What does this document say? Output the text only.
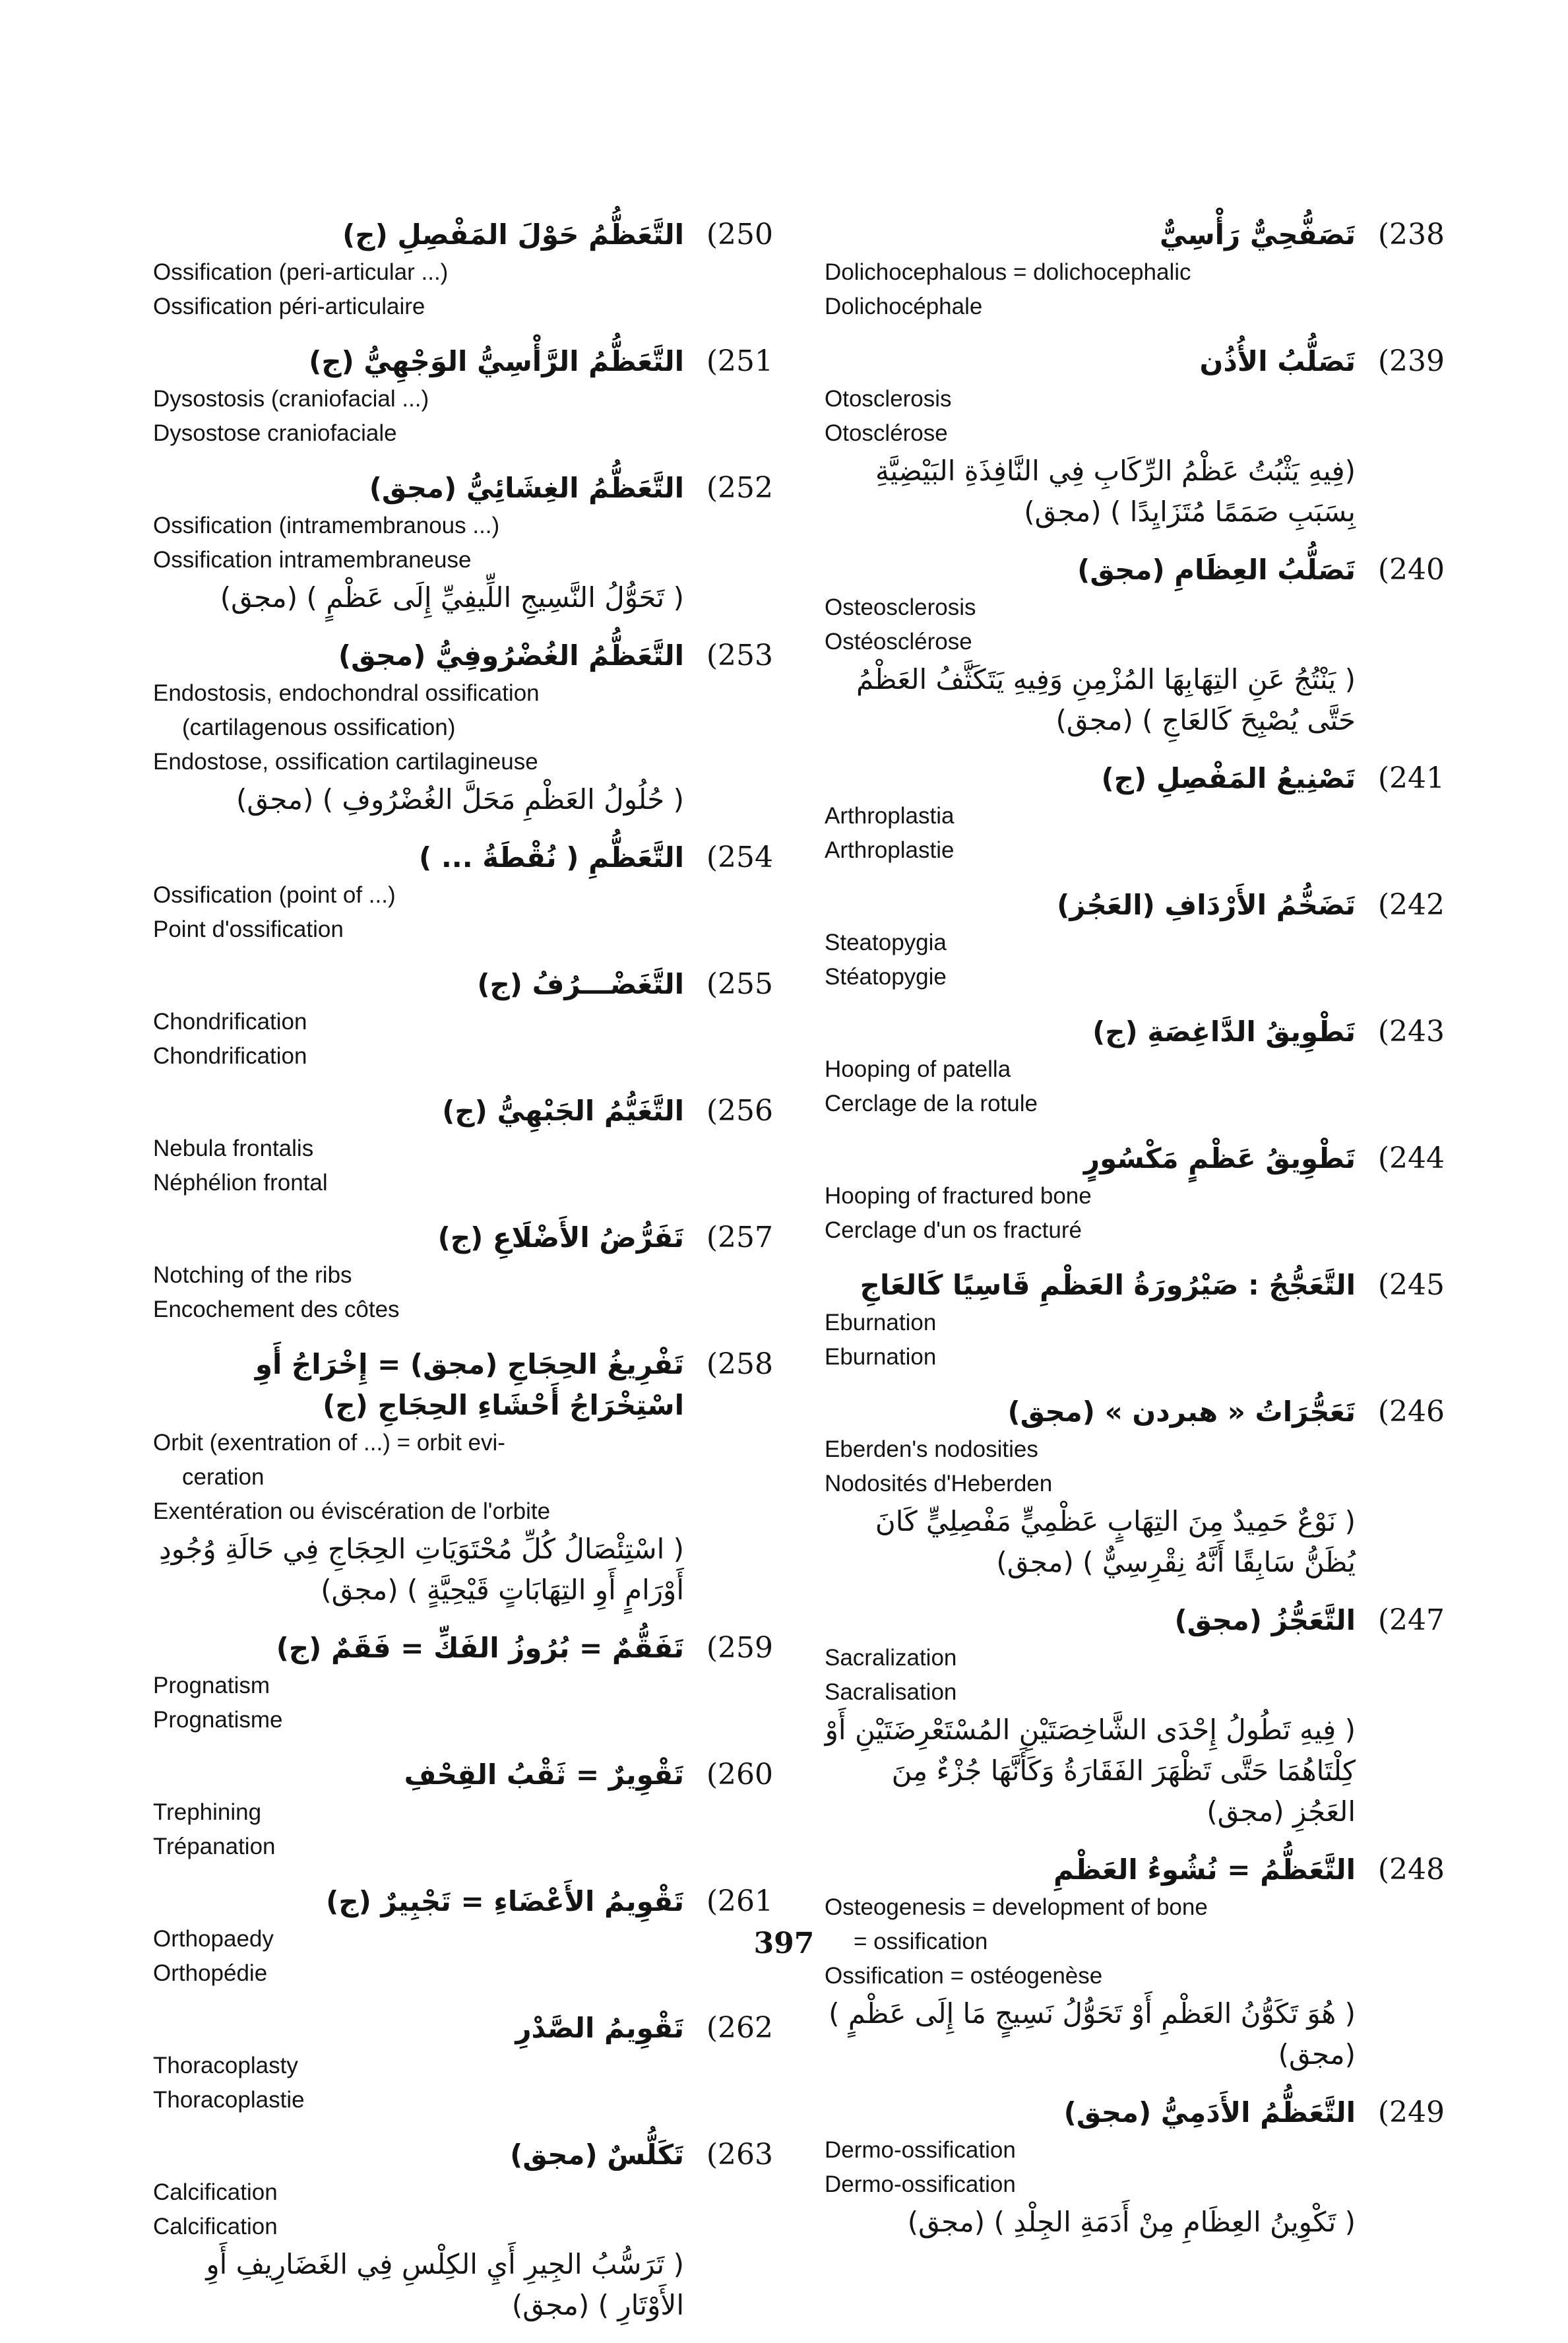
(238
تَصَفُّحِيٌّ رَأْسِيٌّ
Dolichocephalous = dolichocephalic
Dolichocéphale
(239
تَصَلُّبُ الأُذُن
Otosclerosis
Otosclérose
(فِيهِ يَثْبُتُ عَظْمُ الرِّكَابِ فِي النَّافِذَةِ البَيْضِيَّةِ بِسَبَبِ صَمَمًا مُتَزَايِدًا ) (مجق)
(240
تَصَلُّبُ العِظَامِ (مجق)
Osteosclerosis
Ostéosclérose
( يَنْتُجُ عَنِ التِهَابِهَا المُزْمِنِ وَفِيهِ يَتَكَثَّفُ العَظْمُ حَتَّى يُصْبِحَ كَالعَاجِ ) (مجق)
(241
تَصْنِيعُ المَفْصِلِ (ج)
Arthroplastia
Arthroplastie
(242
تَضَخُّمُ الأَرْدَافِ (العَجُز)
Steatopygia
Stéatopygie
(243
تَطْوِيقُ الدَّاغِصَةِ (ج)
Hooping of patella
Cerclage de la rotule
(244
تَطْوِيقُ عَظْمٍ مَكْسُورٍ
Hooping of fractured bone
Cerclage d'un os fracturé
(245
التَّعَجُّجُ : صَيْرُورَةُ العَظْمِ قَاسِيًا كَالعَاجِ
Eburnation
Eburnation
(246
تَعَجُّرَاتُ « هبردن » (مجق)
Eberden's nodosities
Nodosités d'Heberden
( نَوْعٌ حَمِيدٌ مِنَ التِهَابٍ عَظْمِيٍّ مَفْصِلِيٍّ كَانَ يُظَنُّ سَابِقًا أَنَّهُ نِقْرِسِيٌّ ) (مجق)
(247
التَّعَجُّزُ (مجق)
Sacralization
Sacralisation
( فِيهِ تَطُولُ إِحْدَى الشَّاخِصَتَيْنِ المُسْتَعْرِضَتَيْنِ أَوْ كِلْتَاهُمَا حَتَّى تَظْهَرَ الفَقَارَةُ وَكَأَنَّهَا جُزْءٌ مِنَ العَجُزِ (مجق)
(248
التَّعَظُّمُ = نُشُوءُ العَظْمِ
Osteogenesis = development of bone
= ossification
Ossification = ostéogenèse
( هُوَ تَكَوُّنُ العَظْمِ أَوْ تَحَوُّلُ نَسِيجٍ مَا إِلَى عَظْمٍ ) (مجق)
(249
التَّعَظُّمُ الأَدَمِيُّ (مجق)
Dermo-ossification
Dermo-ossification
( تَكْوِينُ العِظَامِ مِنْ أَدَمَةِ الجِلْدِ ) (مجق)
(250
التَّعَظُّمُ حَوْلَ المَفْصِلِ (ج)
Ossification (peri-articular ...)
Ossification péri-articulaire
(251
التَّعَظُّمُ الرَّأْسِيُّ الوَجْهِيُّ (ج)
Dysostosis (craniofacial ...)
Dysostose craniofaciale
(252
التَّعَظُّمُ الغِشَائِيُّ (مجق)
Ossification (intramembranous ...)
Ossification intramembraneuse
( تَحَوُّلُ النَّسِيجِ اللِّيفِيِّ إِلَى عَظْمٍ ) (مجق)
(253
التَّعَظُّمُ الغُضْرُوفِيُّ (مجق)
Endostosis, endochondral ossification
(cartilagenous ossification)
Endostose, ossification cartilagineuse
( حُلُولُ العَظْمِ مَحَلَّ الغُضْرُوفِ ) (مجق)
(254
التَّعَظُّمِ ( نُقْطَةُ ... )
Ossification (point of ...)
Point d'ossification
(255
التَّغَضْـــرُفُ (ج)
Chondrification
Chondrification
(256
التَّغَيُّمُ الجَبْهِيُّ (ج)
Nebula frontalis
Néphélion frontal
(257
تَفَرُّضُ الأَضْلَاعِ (ج)
Notching of the ribs
Encochement des côtes
(258
تَفْرِيغُ الحِجَاجِ (مجق) = إِخْرَاجُ أَوِ اسْتِخْرَاجُ أَحْشَاءِ الحِجَاجِ (ج)
Orbit (exentration of ...) = orbit evi-
ceration
Exentération ou éviscération de l'orbite
( اسْتِئْصَالُ كُلِّ مُحْتَوَيَاتِ الحِجَاجِ فِي حَالَةِ وُجُودِ أَوْرَامٍ أَوِ التِهَابَاتٍ قَيْحِيَّةٍ ) (مجق)
(259
تَفَقُّمٌ = بُرُوزُ الفَكِّ = فَقَمٌ (ج)
Prognatism
Prognatisme
(260
تَقْوِيرٌ = ثَقْبُ القِحْفِ
Trephining
Trépanation
(261
تَقْوِيمُ الأَعْضَاءِ = تَجْبِيرٌ (ج)
Orthopaedy
Orthopédie
(262
تَقْوِيمُ الصَّدْرِ
Thoracoplasty
Thoracoplastie
(263
تَكَلُّسٌ (مجق)
Calcification
Calcification
( تَرَسُّبُ الجِيرِ أَيِ الكِلْسِ فِي الغَضَارِيفِ أَوِ الأَوْتَارِ ) (مجق)
397
